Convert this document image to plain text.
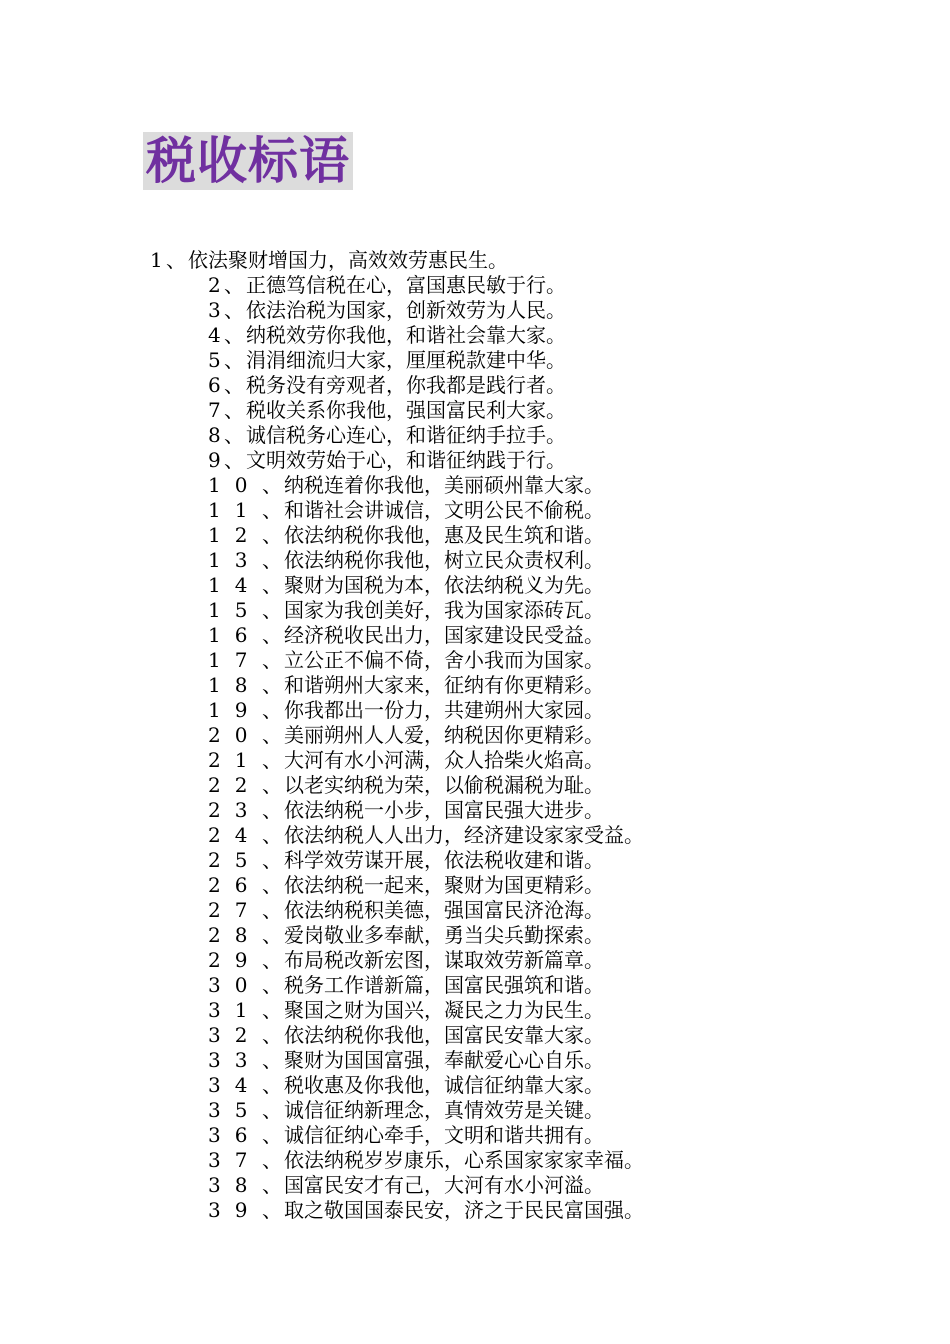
税收标语
1 、 依法聚财增国力，高效效劳惠民生。
2 、 正德笃信税在心，富国惠民敏于行。
3 、 依法治税为国家，创新效劳为人民。
4 、 纳税效劳你我他，和谐社会靠大家。
5 、 涓涓细流归大家，厘厘税款建中华。
6 、 税务没有旁观者，你我都是践行者。
7 、 税收关系你我他，强国富民利大家。
8 、 诚信税务心连心，和谐征纳手拉手。
9 、 文明效劳始于心，和谐征纳践于行。
10 、 纳税连着你我他，美丽硕州靠大家。
11 、 和谐社会讲诚信，文明公民不偷税。
12 、 依法纳税你我他，惠及民生筑和谐。
13 、 依法纳税你我他，树立民众责权利。
14 、 聚财为国税为本，依法纳税义为先。
15 、 国家为我创美好，我为国家添砖瓦。
16 、 经济税收民出力，国家建设民受益。
17 、 立公正不偏不倚，舍小我而为国家。
18 、 和谐朔州大家来，征纳有你更精彩。
19 、 你我都出一份力，共建朔州大家园。
20 、 美丽朔州人人爱，纳税因你更精彩。
21 、 大河有水小河满，众人拾柴火焰高。
22 、 以老实纳税为荣，以偷税漏税为耻。
23 、 依法纳税一小步，国富民强大进步。
24 、 依法纳税人人出力，经济建设家家受益。
25 、 科学效劳谋开展，依法税收建和谐。
26 、 依法纳税一起来，聚财为国更精彩。
27 、 依法纳税积美德，强国富民济沧海。
28 、 爱岗敬业多奉献，勇当尖兵勤探索。
29 、 布局税改新宏图，谋取效劳新篇章。
30 、 税务工作谱新篇，国富民强筑和谐。
31 、 聚国之财为国兴，凝民之力为民生。
32 、 依法纳税你我他，国富民安靠大家。
33 、 聚财为国国富强，奉献爱心心自乐。
34 、 税收惠及你我他，诚信征纳靠大家。
35 、 诚信征纳新理念，真情效劳是关键。
36 、 诚信征纳心牵手，文明和谐共拥有。
37 、 依法纳税岁岁康乐，心系国家家家幸福。
38 、 国富民安才有己，大河有水小河溢。
39 、 取之敬国国泰民安，济之于民民富国强。
